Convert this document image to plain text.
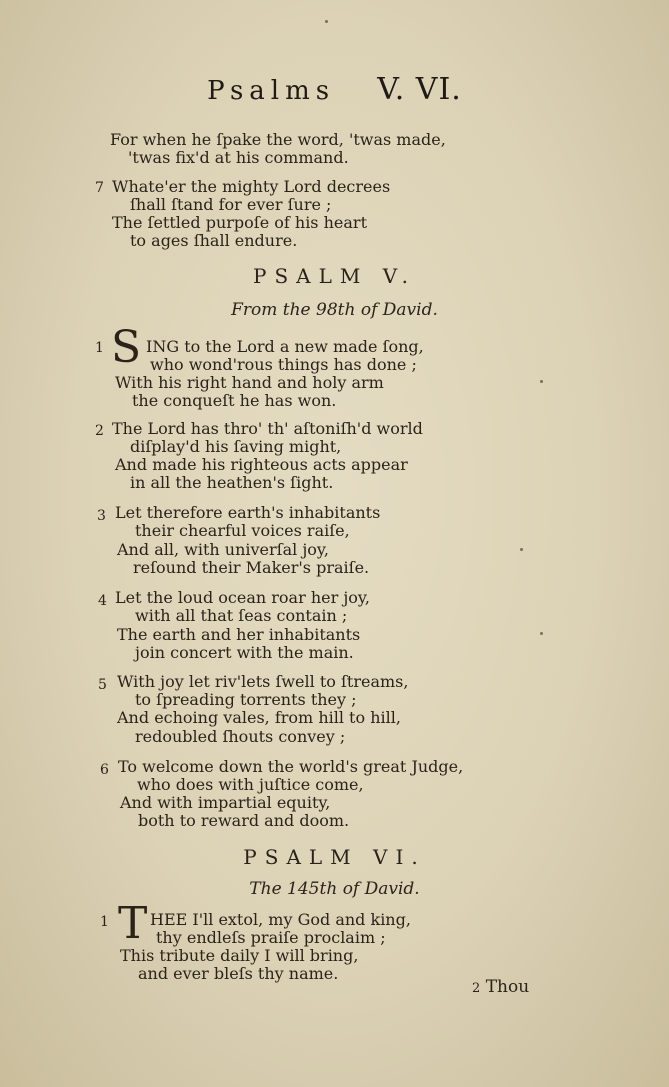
Psalms V. VI.
For when he ſpake the word, 'twas made,
'twas fix'd at his command.
7 Whate'er the mighty Lord decrees
ſhall ſtand for ever ſure ;
The ſettled purpoſe of his heart
to ages ſhall endure.
PSALM V.
From the 98th of David.
1 S ING to the Lord a new made ſong,
who wond'rous things has done ;
With his right hand and holy arm
the conqueſt he has won.
2 The Lord has thro' th' aſtoniſh'd world
diſplay'd his ſaving might,
And made his righteous acts appear
in all the heathen's ſight.
3 Let therefore earth's inhabitants
their chearful voices raiſe,
And all, with univerſal joy,
reſound their Maker's praiſe.
4 Let the loud ocean roar her joy,
with all that ſeas contain ;
The earth and her inhabitants
join concert with the main.
5 With joy let riv'lets ſwell to ſtreams,
to ſpreading torrents they ;
And echoing vales, from hill to hill,
redoubled ſhouts convey ;
6 To welcome down the world's great Judge,
who does with juſtice come,
And with impartial equity,
both to reward and doom.
PSALM VI.
The 145th of David.
1 T HEE I'll extol, my God and king,
thy endleſs praiſe proclaim ;
This tribute daily I will bring,
and ever bleſs thy name.
2 Thou
